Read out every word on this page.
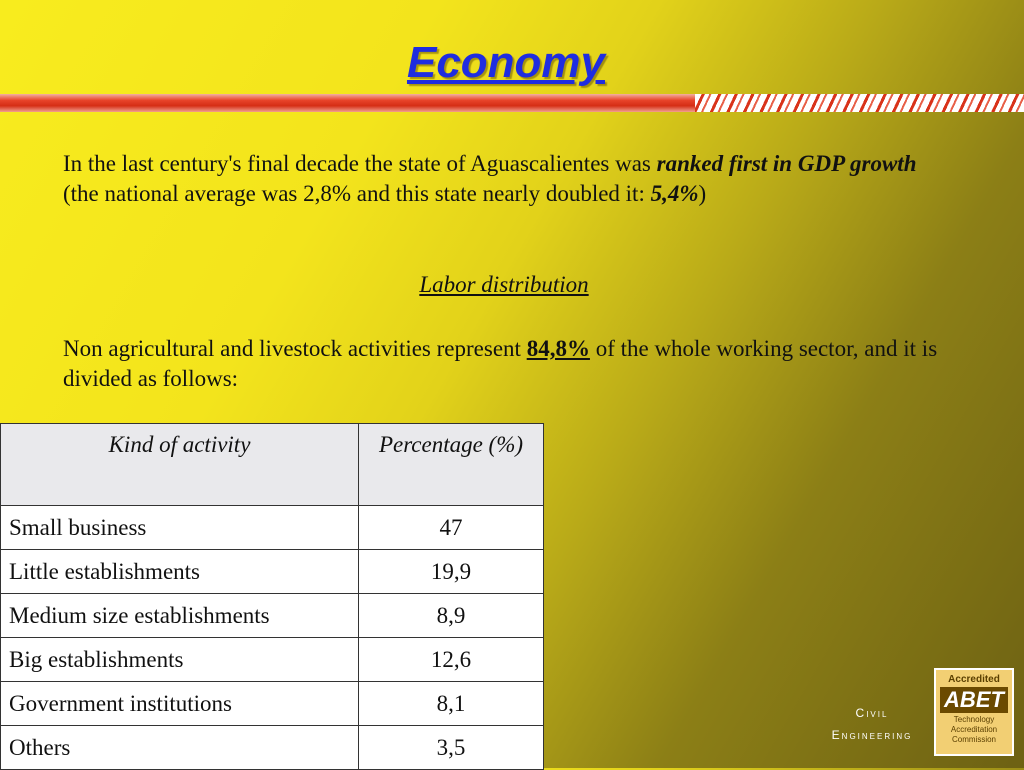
Economy

In the last century's final decade the state of Aguascalientes was ranked first in GDP growth
(the national average was 2,8% and this state nearly doubled it: 5,4%)

Labor distribution

Non agricultural and livestock activities represent 84,8% of the whole working sector, and it is divided as follows:

Kind of activity	Percentage (%)
Small business	47
Little establishments	19,9
Medium size establishments	8,9
Big establishments	12,6
Government institutions	8,1
Others	3,5
Civil
Engineering
Accredited
ABET
Technology
Accreditation
Commission
